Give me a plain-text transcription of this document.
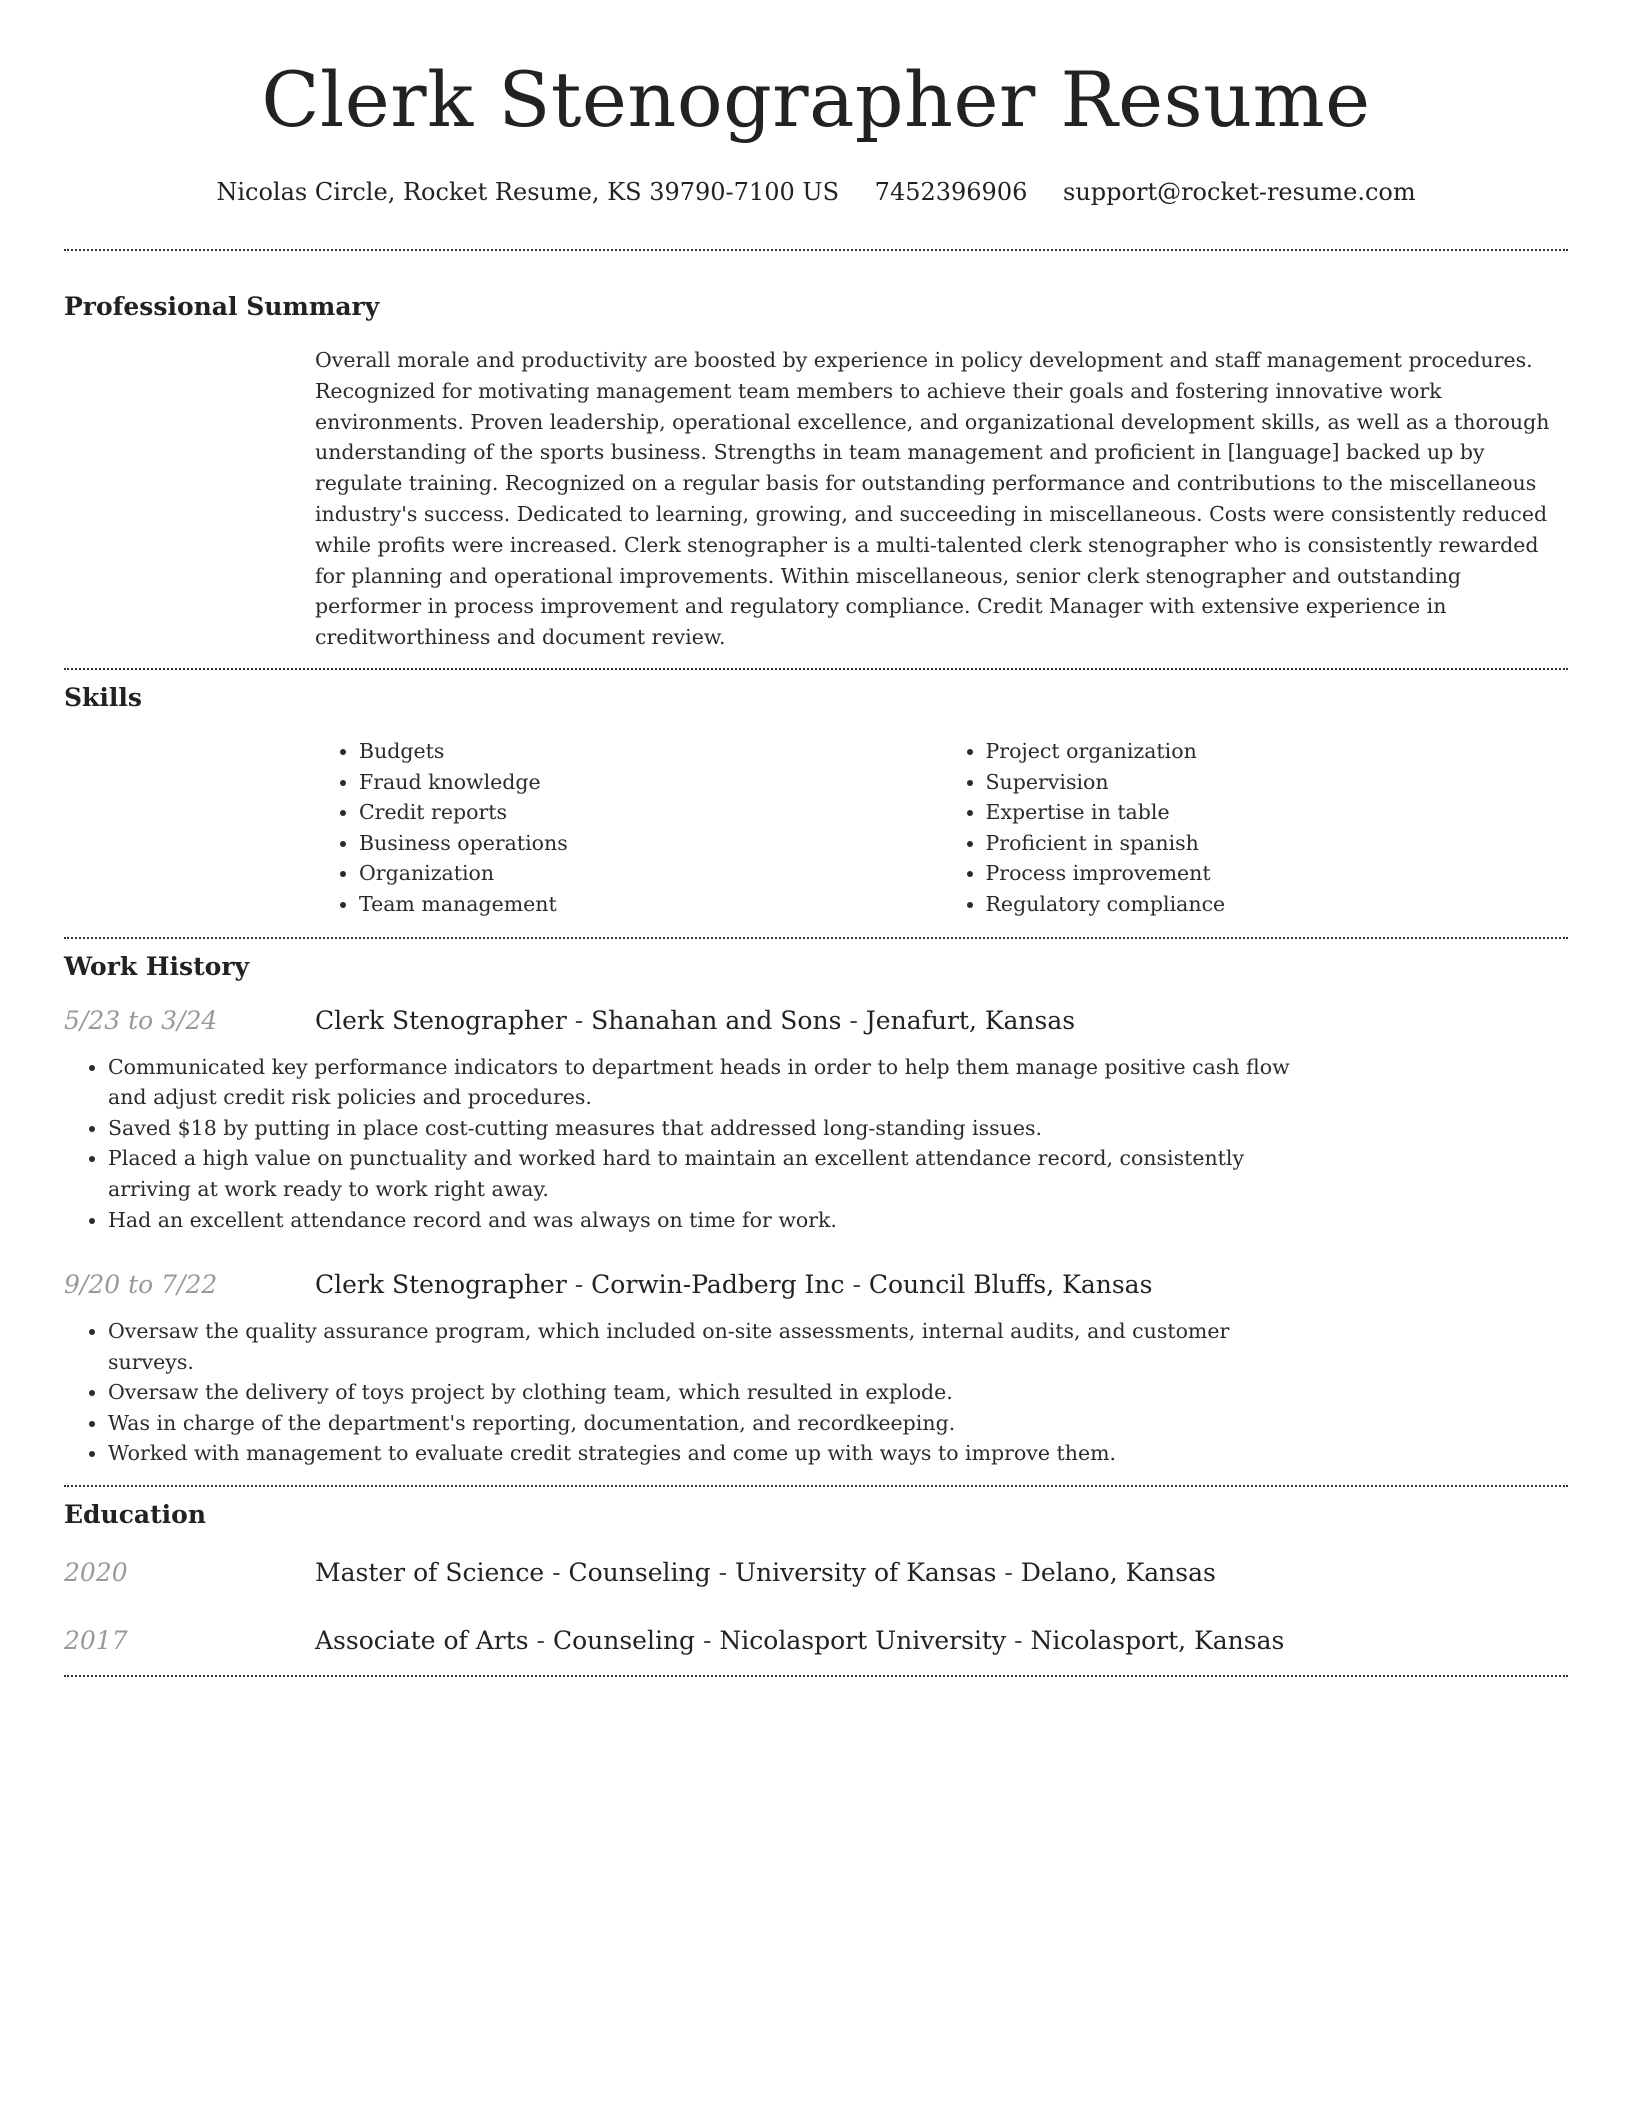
Clerk Stenographer Resume
Nicolas Circle, Rocket Resume, KS 39790-7100 US 7452396906 support@rocket-resume.com
Professional Summary
Overall morale and productivity are boosted by experience in policy development and staff management procedures. Recognized for motivating management team members to achieve their goals and fostering innovative work environments. Proven leadership, operational excellence, and organizational development skills, as well as a thorough understanding of the sports business. Strengths in team management and proficient in [language] backed up by regulate training. Recognized on a regular basis for outstanding performance and contributions to the miscellaneous industry's success. Dedicated to learning, growing, and succeeding in miscellaneous. Costs were consistently reduced while profits were increased. Clerk stenographer is a multi-talented clerk stenographer who is consistently rewarded for planning and operational improvements. Within miscellaneous, senior clerk stenographer and outstanding performer in process improvement and regulatory compliance. Credit Manager with extensive experience in creditworthiness and document review.
Skills
• Budgets
• Fraud knowledge
• Credit reports
• Business operations
• Organization
• Team management
• Project organization
• Supervision
• Expertise in table
• Proficient in spanish
• Process improvement
• Regulatory compliance
Work History
5/23 to 3/24	Clerk Stenographer - Shanahan and Sons - Jenafurt, Kansas
• Communicated key performance indicators to department heads in order to help them manage positive cash flow and adjust credit risk policies and procedures.
• Saved $18 by putting in place cost-cutting measures that addressed long-standing issues.
• Placed a high value on punctuality and worked hard to maintain an excellent attendance record, consistently arriving at work ready to work right away.
• Had an excellent attendance record and was always on time for work.
9/20 to 7/22	Clerk Stenographer - Corwin-Padberg Inc - Council Bluffs, Kansas
• Oversaw the quality assurance program, which included on-site assessments, internal audits, and customer surveys.
• Oversaw the delivery of toys project by clothing team, which resulted in explode.
• Was in charge of the department's reporting, documentation, and recordkeeping.
• Worked with management to evaluate credit strategies and come up with ways to improve them.
Education
2020	Master of Science - Counseling - University of Kansas - Delano, Kansas
2017	Associate of Arts - Counseling - Nicolasport University - Nicolasport, Kansas
